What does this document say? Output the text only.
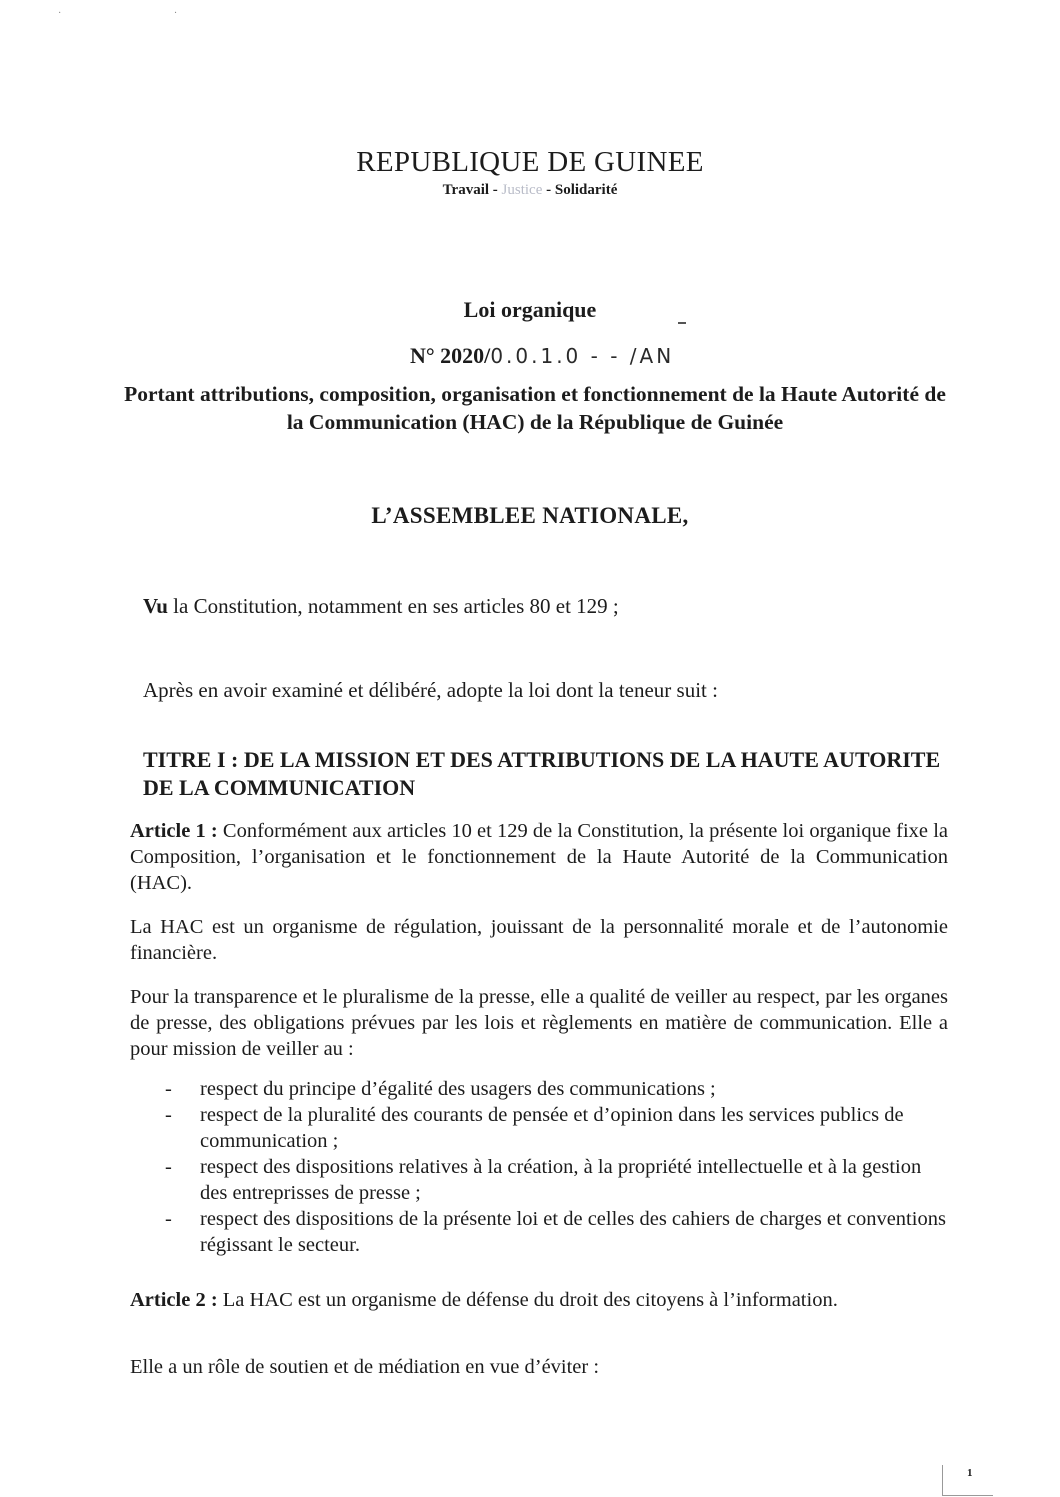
· ·
REPUBLIQUE DE GUINEE
Travail - Justice - Solidarité
Loi organique
N° 2020/0.0.1.0 - - /AN
Portant attributions, composition, organisation et fonctionnement de la Haute Autorité de la Communication (HAC) de la République de Guinée
L’ASSEMBLEE NATIONALE,
Vu la Constitution, notamment en ses articles 80 et 129 ;
Après en avoir examiné et délibéré, adopte la loi dont la teneur suit :
TITRE I : DE LA MISSION ET DES ATTRIBUTIONS DE LA HAUTE AUTORITE DE LA COMMUNICATION

Article 1 : Conformément aux articles 10 et 129 de la Constitution, la présente loi organique fixe la Composition, l’organisation et le fonctionnement de la Haute Autorité de la Communication (HAC).

La HAC est un organisme de régulation, jouissant de la personnalité morale et de l’autonomie financière.

Pour la transparence et le pluralisme de la presse, elle a qualité de veiller au respect, par les organes de presse, des obligations prévues par les lois et règlements en matière de communication. Elle a pour mission de veiller au :

- respect du principe d’égalité des usagers des communications ;
- respect de la pluralité des courants de pensée et d’opinion dans les services publics de communication ;
- respect des dispositions relatives à la création, à la propriété intellectuelle et à la gestion des entreprisses de presse ;
- respect des dispositions de la présente loi et de celles des cahiers de charges et conventions régissant le secteur.

Article 2 : La HAC est un organisme de défense du droit des citoyens à l’information.

Elle a un rôle de soutien et de médiation en vue d’éviter :

1
